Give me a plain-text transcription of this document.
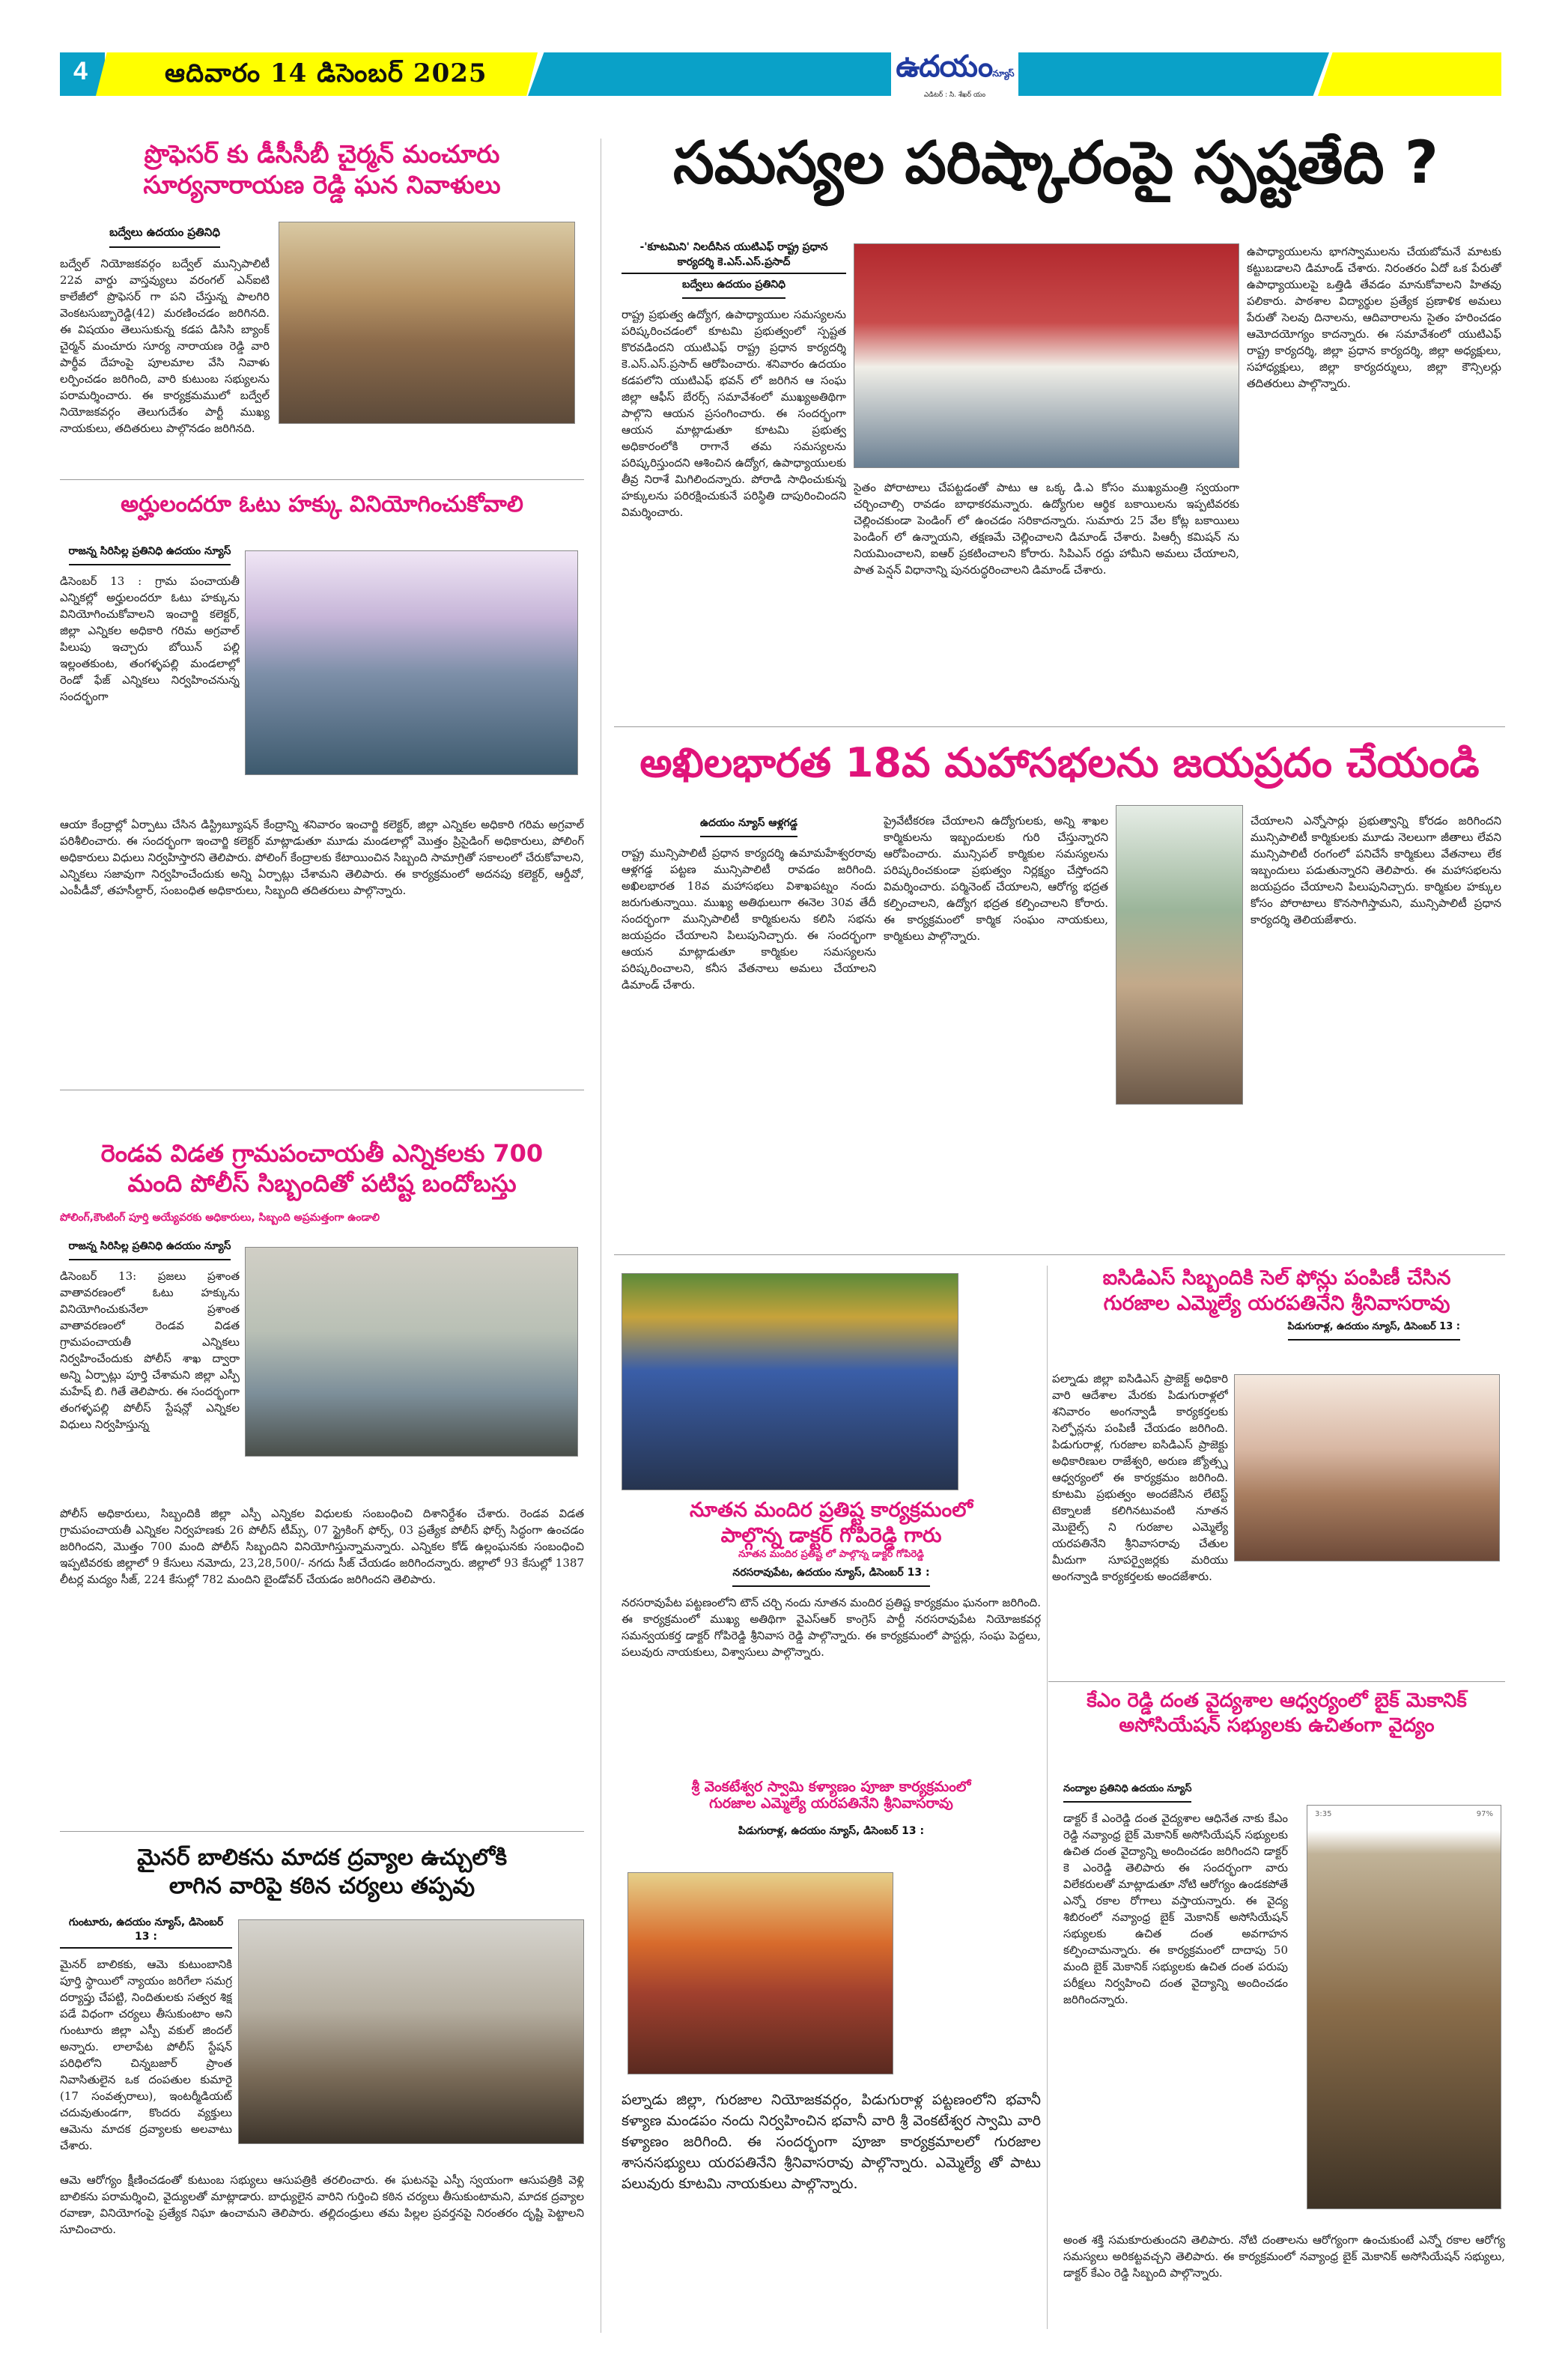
4	ఆదివారం 14 డిసెంబర్ 2025	ఉదయంన్యూస్
ఎడిటర్ : సి. శేఖర్ యం
ప్రొఫెసర్ కు డీసీసీబీ చైర్మన్ మంచూరు
సూర్యనారాయణ రెడ్డి ఘన నివాళులు
బద్వేలు ఉదయం ప్రతినిధి
బద్వేల్ నియోజకవర్గం బద్వేల్ మున్సిపాలిటీ 22వ వార్డు వాస్తవ్యులు వరంగల్ ఎన్ఐటి కాలేజీలో ప్రొఫెసర్ గా పని చేస్తున్న పాలగిరి వెంకటసుబ్బారెడ్డి(42) మరణించడం జరిగినది. ఈ విషయం తెలుసుకున్న కడప డిసిసి బ్యాంక్ చైర్మన్ మంచూరు సూర్య నారాయణ రెడ్డి వారి పార్థీవ దేహంపై పూలమాల వేసి నివాళు లర్పించడం జరిగింది, వారి కుటుంబ సభ్యులను పరామర్శించారు. ఈ కార్యక్రమములో బద్వేల్ నియోజకవర్గం తెలుగుదేశం పార్టీ ముఖ్య నాయకులు, తదితరులు పాల్గొనడం జరిగినది.
అర్హులందరూ ఓటు హక్కు వినియోగించుకోవాలి
రాజన్న సిరిసిల్ల ప్రతినిధి ఉదయం న్యూస్
డిసెంబర్ 13 : గ్రామ పంచాయతీ ఎన్నికల్లో అర్హులందరూ ఓటు హక్కును వినియోగించుకోవాలని ఇంచార్జి కలెక్టర్, జిల్లా ఎన్నికల అధికారి గరిమ అగ్రవాల్ పిలుపు ఇచ్చారు బోయిన్ పల్లి ఇల్లంతకుంట, తంగళ్ళపల్లి మండలాల్లో రెండో ఫేజ్ ఎన్నికలు నిర్వహించనున్న సందర్భంగా
ఆయా కేంద్రాల్లో ఏర్పాటు చేసిన డిస్ట్రిబ్యూషన్ కేంద్రాన్ని శనివారం ఇంచార్జి కలెక్టర్, జిల్లా ఎన్నికల అధికారి గరిమ అగ్రవాల్ పరిశీలించారు. ఈ సందర్భంగా ఇంచార్జి కలెక్టర్ మాట్లాడుతూ మూడు మండలాల్లో మొత్తం ప్రిసైడింగ్ అధికారులు, పోలింగ్ అధికారులు విధులు నిర్వహిస్తారని తెలిపారు. పోలింగ్ కేంద్రాలకు కేటాయించిన సిబ్బంది సామాగ్రితో సకాలంలో చేరుకోవాలని, ఎన్నికలు సజావుగా నిర్వహించేందుకు అన్ని ఏర్పాట్లు చేశామని తెలిపారు. ఈ కార్యక్రమంలో అదనపు కలెక్టర్, ఆర్డీవో, ఎంపీడీవో, తహసీల్దార్, సంబంధిత అధికారులు, సిబ్బంది తదితరులు పాల్గొన్నారు.
రెండవ విడత గ్రామపంచాయతీ ఎన్నికలకు 700
మంది పోలీస్ సిబ్బందితో పటిష్ట బందోబస్తు
పోలింగ్,కౌంటింగ్ పూర్తి అయ్యేవరకు అధికారులు, సిబ్బంది అప్రమత్తంగా ఉండాలి
రాజన్న సిరిసిల్ల ప్రతినిధి ఉదయం న్యూస్
డిసెంబర్ 13: ప్రజలు ప్రశాంత వాతావరణంలో ఓటు హక్కును వినియోగించుకునేలా ప్రశాంత వాతావరణంలో రెండవ విడత గ్రామపంచాయతీ ఎన్నికలు నిర్వహించేందుకు పోలీస్ శాఖ ద్వారా అన్ని ఏర్పాట్లు పూర్తి చేశామని జిల్లా ఎస్పీ మహేష్ బి. గితే తెలిపారు. ఈ సందర్భంగా తంగళ్ళపల్లి పోలీస్ స్టేషన్లో ఎన్నికల విధులు నిర్వహిస్తున్న
పోలీస్ అధికారులు, సిబ్బందికి జిల్లా ఎస్పీ ఎన్నికల విధులకు సంబంధించి దిశానిర్దేశం చేశారు. రెండవ విడత గ్రామపంచాయతీ ఎన్నికల నిర్వహణకు 26 పోలీస్ టీమ్స్, 07 స్ట్రైకింగ్ ఫోర్స్, 03 ప్రత్యేక పోలీస్ ఫోర్స్ సిద్ధంగా ఉంచడం జరిగిందని, మొత్తం 700 మంది పోలీస్ సిబ్బందిని వినియోగిస్తున్నామన్నారు. ఎన్నికల కోడ్ ఉల్లంఘనకు సంబంధించి ఇప్పటివరకు జిల్లాలో 9 కేసులు నమోదు, 23,28,500/- నగదు సీజ్ చేయడం జరిగిందన్నారు. జిల్లాలో 93 కేసుల్లో 1387 లీటర్ల మద్యం సీజ్, 224 కేసుల్లో 782 మందిని బైండోవర్ చేయడం జరిగిందని తెలిపారు.
మైనర్ బాలికను మాదక ద్రవ్యాల ఉచ్చులోకి
లాగిన వారిపై కఠిన చర్యలు తప్పవు
గుంటూరు, ఉదయం న్యూస్, డిసెంబర్ 13 :
మైనర్ బాలికకు, ఆమె కుటుంబానికి పూర్తి స్థాయిలో న్యాయం జరిగేలా సమగ్ర దర్యాప్తు చేపట్టి, నిందితులకు సత్వర శిక్ష పడే విధంగా చర్యలు తీసుకుంటాం అని గుంటూరు జిల్లా ఎస్పీ వకుల్ జిందల్ అన్నారు. లాలాపేట పోలీస్ స్టేషన్ పరిధిలోని చిన్నబజార్ ప్రాంత నివాసితులైన ఒక దంపతుల కుమారై (17 సంవత్సరాలు), ఇంటర్మీడియట్ చదువుతుండగా, కొందరు వ్యక్తులు ఆమెను మాదక ద్రవ్యాలకు అలవాటు చేశారు.
ఆమె ఆరోగ్యం క్షీణించడంతో కుటుంబ సభ్యులు ఆసుపత్రికి తరలించారు. ఈ ఘటనపై ఎస్పీ స్వయంగా ఆసుపత్రికి వెళ్లి బాలికను పరామర్శించి, వైద్యులతో మాట్లాడారు. బాధ్యులైన వారిని గుర్తించి కఠిన చర్యలు తీసుకుంటామని, మాదక ద్రవ్యాల రవాణా, వినియోగంపై ప్రత్యేక నిఘా ఉంచామని తెలిపారు. తల్లిదండ్రులు తమ పిల్లల ప్రవర్తనపై నిరంతరం దృష్టి పెట్టాలని సూచించారు.
సమస్యల పరిష్కారంపై స్పష్టతేది ?
-'కూటమిని' నిలదీసిన యుటిఎఫ్ రాష్ట్ర ప్రధాన కార్యదర్శి కె.ఎస్.ఎస్.ప్రసాద్
బద్వేలు ఉదయం ప్రతినిధి
రాష్ట్ర ప్రభుత్వ ఉద్యోగ, ఉపాధ్యాయుల సమస్యలను పరిష్కరించడంలో కూటమి ప్రభుత్వంలో స్పష్టత కొరవడిందని యుటిఎఫ్ రాష్ట్ర ప్రధాన కార్యదర్శి కె.ఎస్.ఎస్.ప్రసాద్ ఆరోపించారు. శనివారం ఉదయం కడపలోని యుటిఎఫ్ భవన్ లో జరిగిన ఆ సంఘ జిల్లా ఆఫీస్ బేరర్స్ సమావేశంలో ముఖ్యఅతిథిగా పాల్గొని ఆయన ప్రసంగించారు. ఈ సందర్భంగా ఆయన మాట్లాడుతూ కూటమి ప్రభుత్వ అధికారంలోకి రాగానే తమ సమస్యలను పరిష్కరిస్తుందని ఆశించిన ఉద్యోగ, ఉపాధ్యాయులకు తీవ్ర నిరాశే మిగిలిందన్నారు. పోరాడి సాధించుకున్న హక్కులను పరిరక్షించుకునే పరిస్థితి దాపురించిందని విమర్శించారు.
సైతం పోరాటాలు చేపట్టడంతో పాటు ఆ ఒక్క డి.ఎ కోసం ముఖ్యమంత్రి స్వయంగా చర్చించాల్సి రావడం బాధాకరమన్నారు. ఉద్యోగుల ఆర్థిక బకాయిలను ఇప్పటివరకు చెల్లించకుండా పెండింగ్ లో ఉంచడం సరికాదన్నారు. సుమారు 25 వేల కోట్ల బకాయిలు పెండింగ్ లో ఉన్నాయని, తక్షణమే చెల్లించాలని డిమాండ్ చేశారు. పిఆర్సీ కమిషన్ ను నియమించాలని, ఐఆర్ ప్రకటించాలని కోరారు. సిపిఎస్ రద్దు హామీని అమలు చేయాలని, పాత పెన్షన్ విధానాన్ని పునరుద్ధరించాలని డిమాండ్ చేశారు.
ఉపాధ్యాయులను భాగస్వాములను చేయబోమనే మాటకు కట్టుబడాలని డిమాండ్ చేశారు. నిరంతరం ఏదో ఒక పేరుతో ఉపాధ్యాయులపై ఒత్తిడి తేవడం మానుకోవాలని హితవు పలికారు. పాఠశాల విద్యార్థుల ప్రత్యేక ప్రణాళిక అమలు పేరుతో సెలవు దినాలను, ఆదివారాలను సైతం హరించడం ఆమోదయోగ్యం కాదన్నారు. ఈ సమావేశంలో యుటిఎఫ్ రాష్ట్ర కార్యదర్శి, జిల్లా ప్రధాన కార్యదర్శి, జిల్లా అధ్యక్షులు, సహాధ్యక్షులు, జిల్లా కార్యదర్శులు, జిల్లా కౌన్సిలర్లు తదితరులు పాల్గొన్నారు.
అఖిలభారత 18వ మహాసభలను జయప్రదం చేయండి
ఉదయం న్యూస్ ఆళ్లగడ్డ
రాష్ట్ర మున్సిపాలిటీ ప్రధాన కార్యదర్శి ఉమామహేశ్వరరావు ఆళ్లగడ్డ పట్టణ మున్సిపాలిటీ రావడం జరిగింది. అఖిలభారత 18వ మహాసభలు విశాఖపట్నం నందు జరుగుతున్నాయి. ముఖ్య అతిథులుగా ఈనెల 30వ తేదీ సందర్భంగా మున్సిపాలిటీ కార్మికులను కలిసి సభను జయప్రదం చేయాలని పిలుపునిచ్చారు. ఈ సందర్భంగా ఆయన మాట్లాడుతూ కార్మికుల సమస్యలను పరిష్కరించాలని, కనీస వేతనాలు అమలు చేయాలని డిమాండ్ చేశారు.
ప్రైవేటీకరణ చేయాలని ఉద్యోగులకు, అన్ని శాఖల కార్మికులను ఇబ్బందులకు గురి చేస్తున్నారని ఆరోపించారు. మున్సిపల్ కార్మికుల సమస్యలను పరిష్కరించకుండా ప్రభుత్వం నిర్లక్ష్యం చేస్తోందని విమర్శించారు. పర్మినెంట్ చేయాలని, ఆరోగ్య భద్రత కల్పించాలని, ఉద్యోగ భద్రత కల్పించాలని కోరారు. ఈ కార్యక్రమంలో కార్మిక సంఘం నాయకులు, కార్మికులు పాల్గొన్నారు.
చేయాలని ఎన్నోసార్లు ప్రభుత్వాన్ని కోరడం జరిగిందని మున్సిపాలిటీ కార్మికులకు మూడు నెలలుగా జీతాలు లేవని మున్సిపాలిటీ రంగంలో పనిచేసే కార్మికులు వేతనాలు లేక ఇబ్బందులు పడుతున్నారని తెలిపారు. ఈ మహాసభలను జయప్రదం చేయాలని పిలుపునిచ్చారు. కార్మికుల హక్కుల కోసం పోరాటాలు కొనసాగిస్తామని, మున్సిపాలిటీ ప్రధాన కార్యదర్శి తెలియజేశారు.
నూతన మందిర ప్రతిష్ట కార్యక్రమంలో
పాల్గొన్న డాక్టర్ గోపిరెడ్డి గారు
నూతన మందిర ప్రతిష్ట లో పాల్గొన్న డాక్టర్ గోపిరెడ్డి
నరసరావుపేట, ఉదయం న్యూస్, డిసెంబర్ 13 :
నరసరావుపేట పట్టణంలోని టౌన్ చర్చి నందు నూతన మందిర ప్రతిష్ట కార్యక్రమం ఘనంగా జరిగింది. ఈ కార్యక్రమంలో ముఖ్య అతిథిగా వైఎస్ఆర్ కాంగ్రెస్ పార్టీ నరసరావుపేట నియోజకవర్గ సమన్వయకర్త డాక్టర్ గోపిరెడ్డి శ్రీనివాస రెడ్డి పాల్గొన్నారు. ఈ కార్యక్రమంలో పాస్టర్లు, సంఘ పెద్దలు, పలువురు నాయకులు, విశ్వాసులు పాల్గొన్నారు.
ఐసిడిఎస్ సిబ్బందికి సెల్ ఫోన్లు పంపిణీ చేసిన
గురజాల ఎమ్మెల్యే యరపతినేని శ్రీనివాసరావు
పిడుగురాళ్ల, ఉదయం న్యూస్, డిసెంబర్ 13 :
పల్నాడు జిల్లా ఐసిడిఎస్ ప్రాజెక్ట్ అధికారి వారి ఆదేశాల మేరకు పిడుగురాళ్లలో శనివారం అంగన్వాడీ కార్యకర్తలకు సెల్ఫోన్లను పంపిణీ చేయడం జరిగింది. పిడుగురాళ్ల, గురజాల ఐసిడిఎస్ ప్రాజెక్టు అధికారిణుల రాజేశ్వరి, అరుణ జ్యోత్స్న ఆధ్వర్యంలో ఈ కార్యక్రమం జరిగింది. కూటమి ప్రభుత్వం అందజేసిన లేటెస్ట్ టెక్నాలజీ కలిగినటువంటి నూతన మొబైల్స్ ని గురజాల ఎమ్మెల్యే యరపతినేని శ్రీనివాసరావు చేతుల మీదుగా సూపర్వైజర్లకు మరియు అంగన్వాడి కార్యకర్తలకు అందజేశారు.
కేఎం రెడ్డి దంత వైద్యశాల ఆధ్వర్యంలో బైక్ మెకానిక్
అసోసియేషన్ సభ్యులకు ఉచితంగా వైద్యం
నంద్యాల ప్రతినిధి ఉదయం న్యూస్
డాక్టర్ కే ఎంరెడ్డి దంత వైద్యశాల ఆధినేత నాకు కేఎం రెడ్డి నవ్యాంధ్ర బైక్ మెకానిక్ అసోసియేషన్ సభ్యులకు ఉచిత దంత వైద్యాన్ని అందించడం జరిగిందని డాక్టర్ కె ఎంరెడ్డి తెలిపారు ఈ సందర్భంగా వారు విలేకరులతో మాట్లాడుతూ నోటి ఆరోగ్యం ఉండకపోతే ఎన్నో రకాల రోగాలు వస్తాయన్నారు. ఈ వైద్య శిబిరంలో నవ్యాంధ్ర బైక్ మెకానిక్ అసోసియేషన్ సభ్యులకు ఉచిత దంత అవగాహన కల్పించామన్నారు. ఈ కార్యక్రమంలో దాదాపు 50 మంది బైక్ మెకానిక్ సభ్యులకు ఉచిత దంత పరుపు పరీక్షలు నిర్వహించి దంత వైద్యాన్ని అందించడం జరిగిందన్నారు.
3:35	97%
అంత శక్తి సమకూరుతుందని తెలిపారు. నోటి దంతాలను ఆరోగ్యంగా ఉంచుకుంటే ఎన్నో రకాల ఆరోగ్య సమస్యలు అరికట్టవచ్చని తెలిపారు. ఈ కార్యక్రమంలో నవ్యాంధ్ర బైక్ మెకానిక్ అసోసియేషన్ సభ్యులు, డాక్టర్ కేఎం రెడ్డి సిబ్బంది పాల్గొన్నారు.
శ్రీ వెంకటేశ్వర స్వామి కళ్యాణం పూజా కార్యక్రమంలో
గురజాల ఎమ్మెల్యే యరపతినేని శ్రీనివాసరావు
పిడుగురాళ్ల, ఉదయం న్యూస్, డిసెంబర్ 13 :
పల్నాడు జిల్లా, గురజాల నియోజకవర్గం, పిడుగురాళ్ల పట్టణంలోని భవానీ కళ్యాణ మండపం నందు నిర్వహించిన భవానీ వారి శ్రీ వెంకటేశ్వర స్వామి వారి కళ్యాణం జరిగింది. ఈ సందర్భంగా పూజా కార్యక్రమాలలో గురజాల శాసనసభ్యులు యరపతినేని శ్రీనివాసరావు పాల్గొన్నారు. ఎమ్మెల్యే తో పాటు పలువురు కూటమి నాయకులు పాల్గొన్నారు.
